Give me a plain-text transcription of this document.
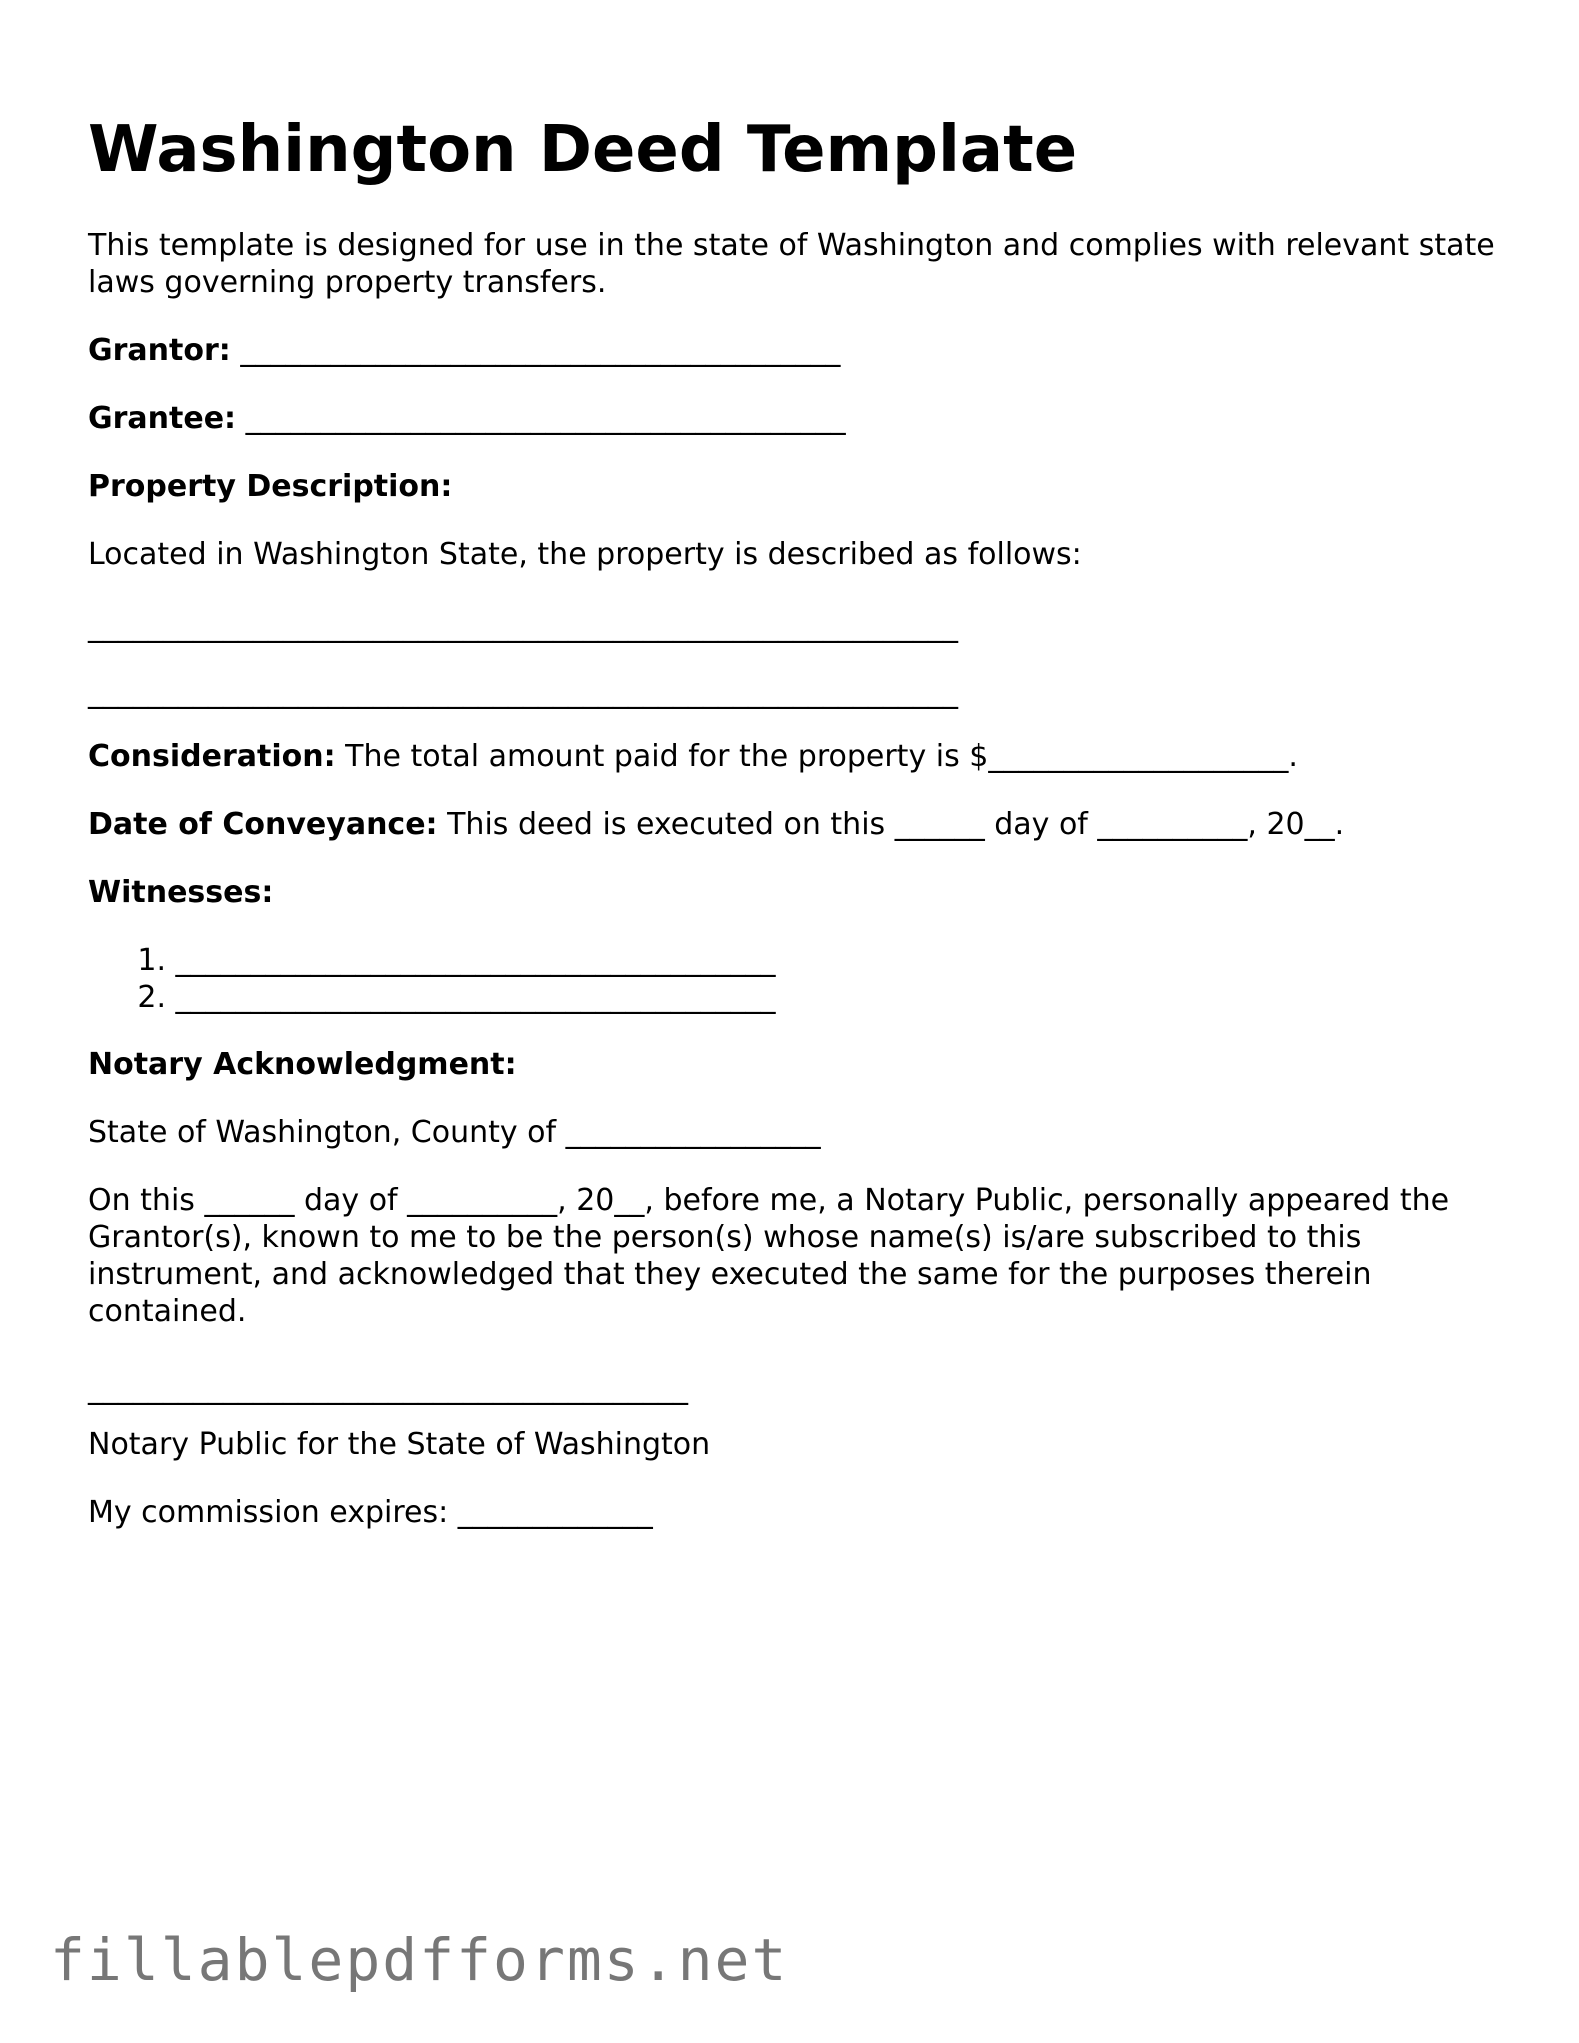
Washington Deed Template

This template is designed for use in the state of Washington and complies with relevant state laws governing property transfers.

Grantor: ________________________________________

Grantee: ________________________________________

Property Description:

Located in Washington State, the property is described as follows:

__________________________________________________________

__________________________________________________________

Consideration: The total amount paid for the property is $____________________.

Date of Conveyance: This deed is executed on this ______ day of __________, 20__.

Witnesses:

1. ________________________________________
2. ________________________________________

Notary Acknowledgment:

State of Washington, County of _________________

On this ______ day of __________, 20__, before me, a Notary Public, personally appeared the Grantor(s), known to me to be the person(s) whose name(s) is/are subscribed to this instrument, and acknowledged that they executed the same for the purposes therein contained.

________________________________________

Notary Public for the State of Washington

My commission expires: _____________

fillablepdfforms.net
